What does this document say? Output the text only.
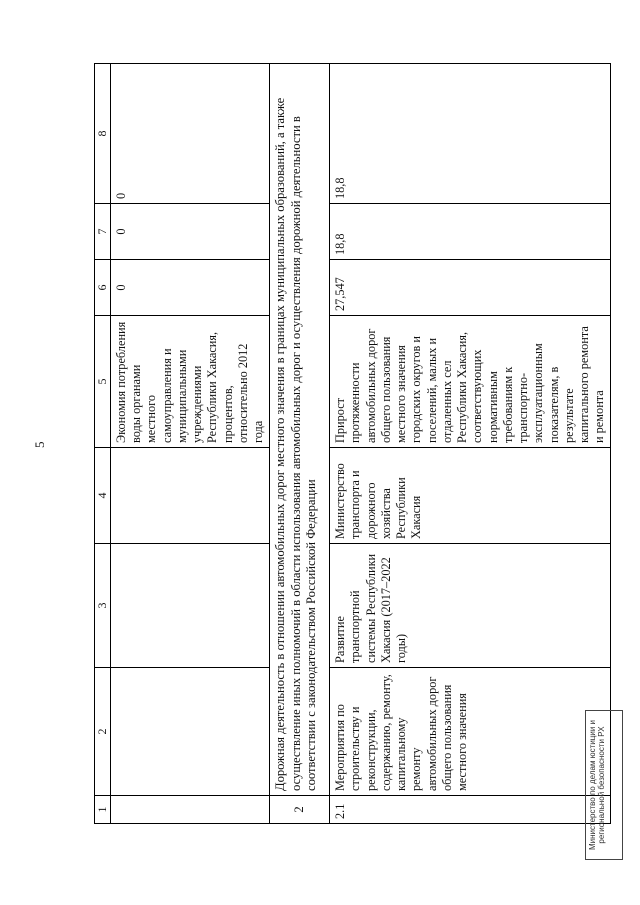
5
1	2	3	4	5	6	7	8
				Экономия потребления воды органами местного самоуправления и муниципальными учреждениями Республики Хакасия, процентов, относительно 2012 года	0	0	0
2	Дорожная деятельность в отношении автомобильных дорог местного значения в границах муниципальных образований, а также осуществление иных полномочий в области использования автомобильных дорог и осуществления дорожной деятельности в соответствии с законодательством Российской Федерации						
2.1	Мероприятия по строительству и реконструкции, содержанию, ремонту, капитальному ремонту автомобильных дорог общего пользования местного значения	Развитие транспортной системы Республики Хакасия (2017–2022 годы)	Министерство транспорта и дорожного хозяйства Республики Хакасия	Прирост протяженности автомобильных дорог общего пользования местного значения городских округов и поселений, малых и отдаленных сел Республики Хакасия, соответствующих нормативным требованиям к транспортно-эксплуатационным показателям, в результате капитального ремонта и ремонта	27,547	18,8	18,8
Министерство по делам юстиции и региональной безопасности РХ
